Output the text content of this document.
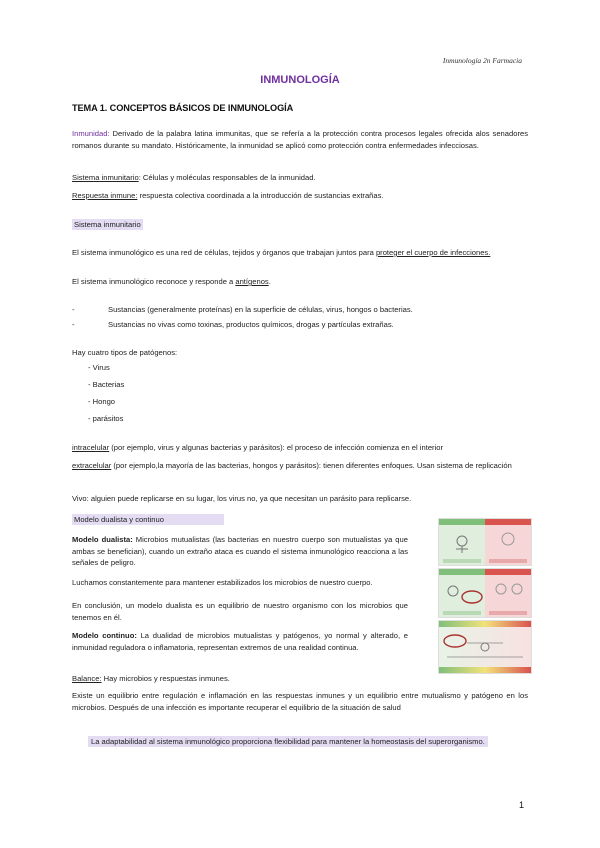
Inmunología 2n Farmacia
INMUNOLOGÍA
TEMA 1. CONCEPTOS BÁSICOS DE INMUNOLOGÍA
Inmunidad: Derivado de la palabra latina immunitas, que se refería a la protección contra procesos legales ofrecida alos senadores romanos durante su mandato. Históricamente, la inmunidad se aplicó como protección contra enfermedades infecciosas.
Sistema inmunitario: Células y moléculas responsables de la inmunidad.
Respuesta inmune: respuesta colectiva coordinada a la introducción de sustancias extrañas.
Sistema inmunitario
El sistema inmunológico es una red de células, tejidos y órganos que trabajan juntos para proteger el cuerpo de infecciones.
El sistema inmunológico reconoce y responde a antígenos.
-	Sustancias (generalmente proteínas) en la superficie de células, virus, hongos o bacterias.
-	Sustancias no vivas como toxinas, productos químicos, drogas y partículas extrañas.
Hay cuatro tipos de patógenos:
- Virus
- Bacterias
- Hongo
- parásitos
intracelular (por ejemplo, virus y algunas bacterias y parásitos): el proceso de infección comienza en el interior
extracelular (por ejemplo,la mayoría de las bacterias, hongos y parásitos): tienen diferentes enfoques. Usan sistema de replicación
Vivo: alguien puede replicarse en su lugar, los virus no, ya que necesitan un parásito para replicarse.
Modelo dualista y continuo
Modelo dualista: Microbios mutualistas (las bacterias en nuestro cuerpo son mutualistas ya que ambas se benefician), cuando un extraño ataca es cuando el sistema inmunológico reacciona a las señales de peligro.
Luchamos constantemente para mantener estabilizados los microbios de nuestro cuerpo.
En conclusión, un modelo dualista es un equilibrio de nuestro organismo con los microbios que tenemos en él.
Modelo continuo: La dualidad de microbios mutualistas y patógenos, yo normal y alterado, e inmunidad reguladora o inflamatoria, representan extremos de una realidad continua.
Balance: Hay microbios y respuestas inmunes.
Existe un equilibrio entre regulación e inflamación en las respuestas inmunes y un equilibrio entre mutualismo y patógeno en los microbios. Después de una infección es importante recuperar el equilibrio de la situación de salud
La adaptabilidad al sistema inmunológico proporciona flexibilidad para mantener la homeostasis del superorganismo.
1
